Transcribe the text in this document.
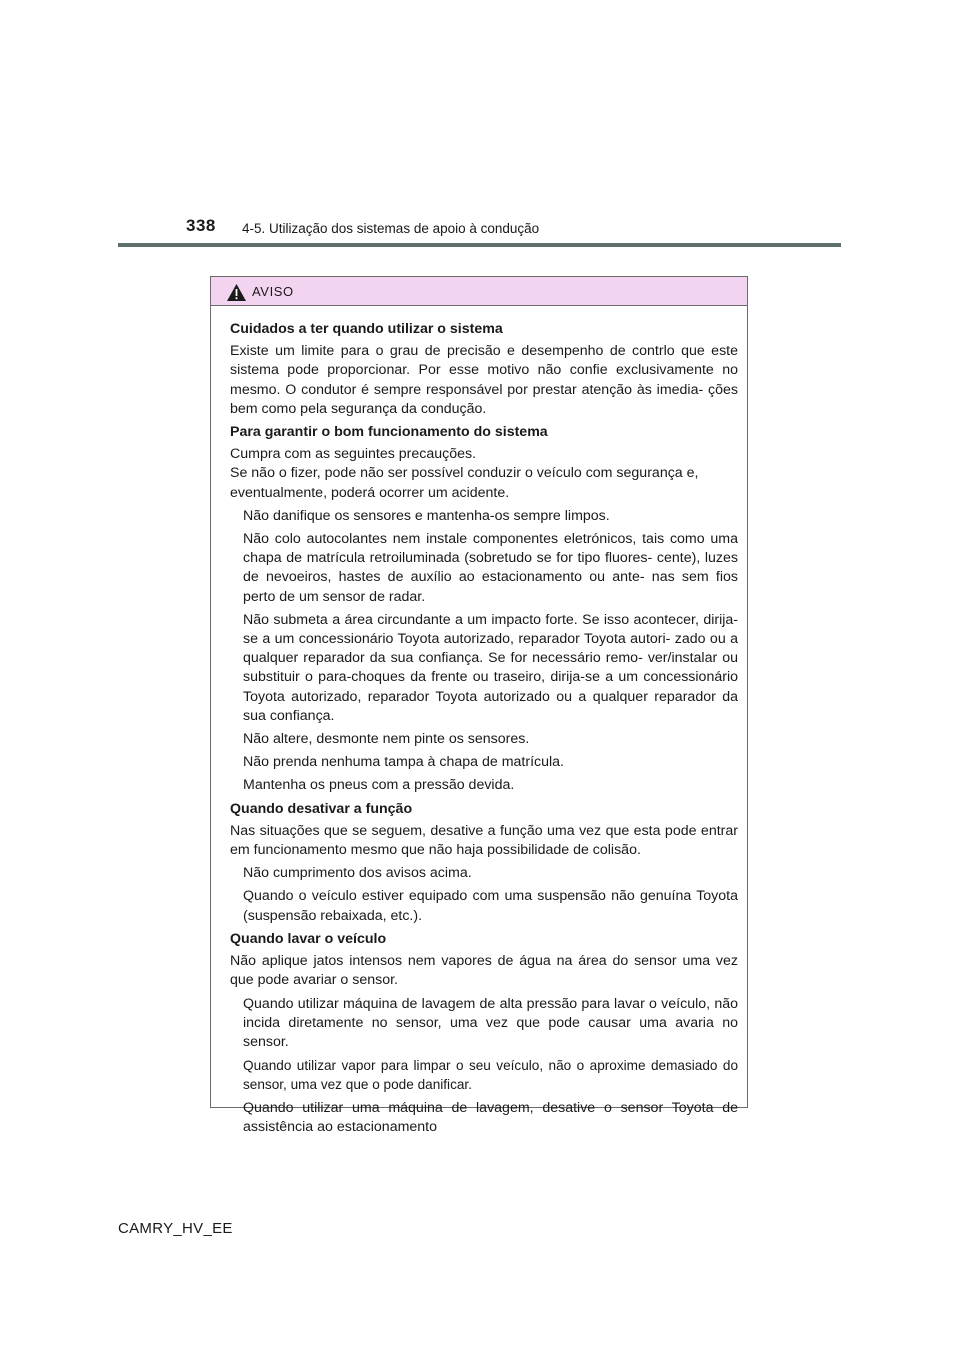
338 4-5. Utilização dos sistemas de apoio à condução
AVISO

Cuidados a ter quando utilizar o sistema

Existe um limite para o grau de precisão e desempenho de contrlo que este sistema pode proporcionar. Por esse motivo não confie exclusivamente no mesmo. O condutor é sempre responsável por prestar atenção às imedia- ções bem como pela segurança da condução.

Para garantir o bom funcionamento do sistema

Cumpra com as seguintes precauções.

Se não o fizer, pode não ser possível conduzir o veículo com segurança e,

eventualmente, poderá ocorrer um acidente.

Não danifique os sensores e mantenha-os sempre limpos.

Não colo autocolantes nem instale componentes eletrónicos, tais como uma chapa de matrícula retroiluminada (sobretudo se for tipo fluores- cente), luzes de nevoeiros, hastes de auxílio ao estacionamento ou ante- nas sem fios perto de um sensor de radar.

Não submeta a área circundante a um impacto forte. Se isso acontecer, dirija-se a um concessionário Toyota autorizado, reparador Toyota autori- zado ou a qualquer reparador da sua confiança. Se for necessário remo- ver/instalar ou substituir o para-choques da frente ou traseiro, dirija-se a um concessionário Toyota autorizado, reparador Toyota autorizado ou a qualquer reparador da sua confiança.

Não altere, desmonte nem pinte os sensores.

Não prenda nenhuma tampa à chapa de matrícula.

Mantenha os pneus com a pressão devida.

Quando desativar a função

Nas situações que se seguem, desative a função uma vez que esta pode entrar em funcionamento mesmo que não haja possibilidade de colisão.

Não cumprimento dos avisos acima.

Quando o veículo estiver equipado com uma suspensão não genuína Toyota (suspensão rebaixada, etc.).

Quando lavar o veículo

Não aplique jatos intensos nem vapores de água na área do sensor uma vez que pode avariar o sensor.

Quando utilizar máquina de lavagem de alta pressão para lavar o veículo, não incida diretamente no sensor, uma vez que pode causar uma avaria no sensor.

Quando utilizar vapor para limpar o seu veículo, não o aproxime demasiado do sensor, uma vez que o pode danificar.

Quando utilizar uma máquina de lavagem, desative o sensor Toyota de assistência ao estacionamento

CAMRY_HV_EE
